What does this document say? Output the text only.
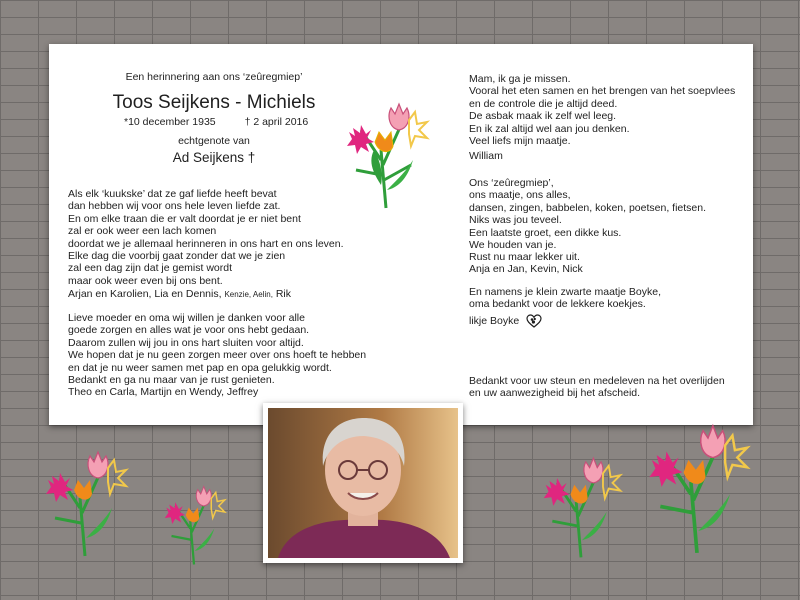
Een herinnering aan ons ‘zeûregmiep’
Toos Seijkens - Michiels
*10 december 1935	† 2 april 2016
echtgenote van
Ad Seijkens †
Als elk ‘kuukske’ dat ze gaf liefde heeft bevat
dan hebben wij voor ons hele leven liefde zat.
En om elke traan die er valt doordat je er niet bent
zal er ook weer een lach komen
doordat we je allemaal herinneren in ons hart en ons leven.
Elke dag die voorbij gaat zonder dat we je zien
zal een dag zijn dat je gemist wordt
maar ook weer even bij ons bent.
Arjan en Karolien, Lia en Dennis, Kenzie, Aelin, Rik
Lieve moeder en oma wij willen je danken voor alle
goede zorgen en alles wat je voor ons hebt gedaan.
Daarom zullen wij jou in ons hart sluiten voor altijd.
We hopen dat je nu geen zorgen meer over ons hoeft te hebben
en dat je nu weer samen met pap en opa gelukkig wordt.
Bedankt en ga nu maar van je rust genieten.
Theo en Carla, Martijn en Wendy, Jeffrey
Mam, ik ga je missen.
Vooral het eten samen en het brengen van het soepvlees
en de controle die je altijd deed.
De asbak maak ik zelf wel leeg.
En ik zal altijd wel aan jou denken.
Veel liefs mijn maatje.
William
Ons ‘zeûregmiep’,
ons maatje, ons alles,
dansen, zingen, babbelen, koken, poetsen, fietsen.
Niks was jou teveel.
Een laatste groet, een dikke kus.
We houden van je.
Rust nu maar lekker uit.
Anja en Jan, Kevin, Nick
En namens je klein zwarte maatje Boyke,
oma bedankt voor de lekkere koekjes.
likje Boyke
Bedankt voor uw steun en medeleven na het overlijden
en uw aanwezigheid bij het afscheid.
